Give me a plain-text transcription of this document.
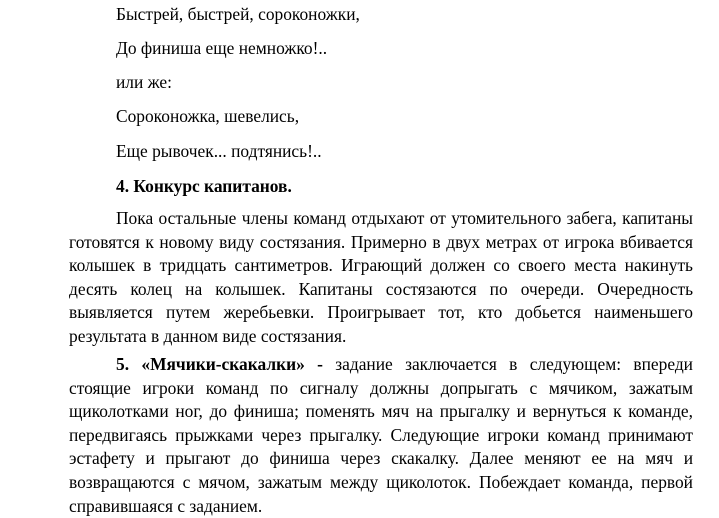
Быстрей, быстрей, сороконожки,
До финиша еще немножко!..
или же:
Сороконожка, шевелись,
Еще рывочек... подтянись!..
4. Конкурс капитанов.

Пока остальные члены команд отдыхают от утомительного забега, капитаны готовятся к новому виду состязания. Примерно в двух метрах от игрока вбивается колышек в тридцать сантиметров. Играющий должен со своего места накинуть десять колец на колышек. Капитаны состязаются по очереди. Очередность выявляется путем жеребьевки. Проигрывает тот, кто добьется наименьшего результата в данном виде состязания.

5. «Мячики-скакалки» - задание заключается в следующем: впереди стоящие игроки команд по сигналу должны допрыгать с мячиком, зажатым щиколотками ног, до финиша; поменять мяч на прыгалку и вернуться к команде, передвигаясь прыжками через прыгалку. Следующие игроки команд принимают эстафету и прыгают до финиша через скакалку. Далее меняют ее на мяч и возвращаются с мячом, зажатым между щиколоток. Побеждает команда, первой справившаяся с заданием.
